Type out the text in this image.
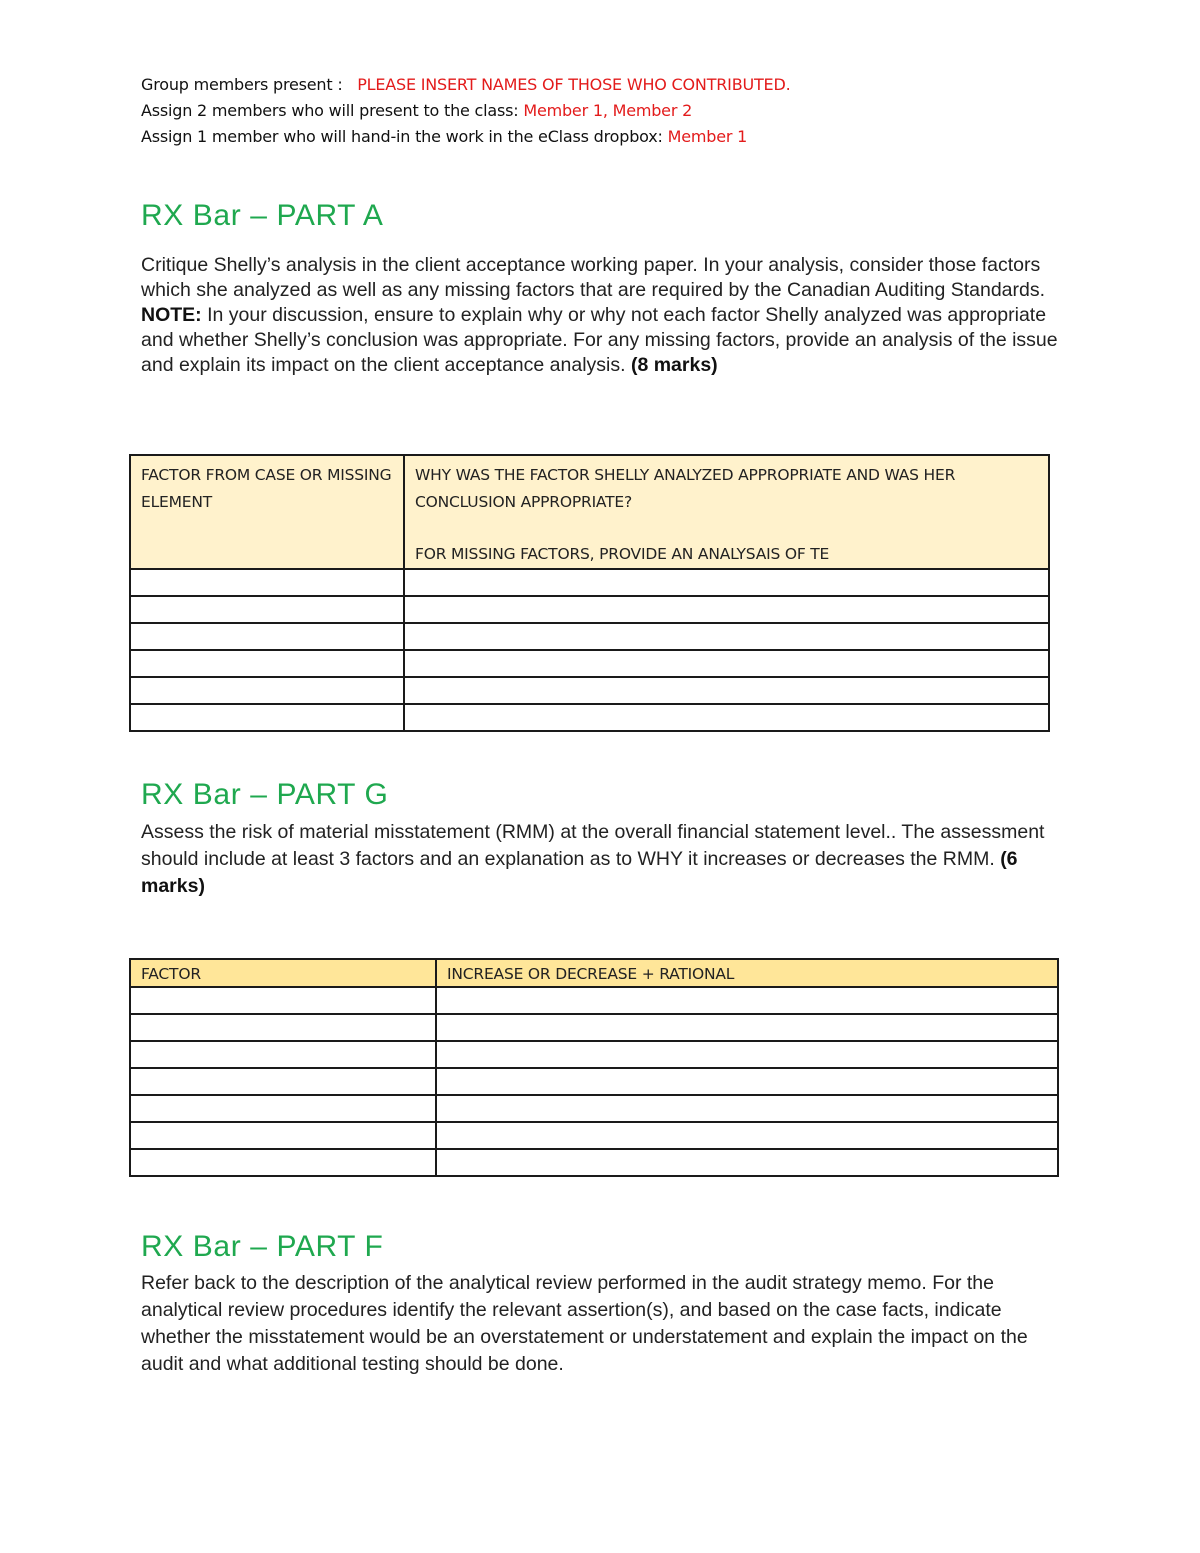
Group members present : PLEASE INSERT NAMES OF THOSE WHO CONTRIBUTED.
Assign 2 members who will present to the class: Member 1, Member 2
Assign 1 member who will hand-in the work in the eClass dropbox: Member 1
RX Bar – PART A
Critique Shelly’s analysis in the client acceptance working paper. In your analysis, consider those factors which she analyzed as well as any missing factors that are required by the Canadian Auditing Standards. NOTE: In your discussion, ensure to explain why or why not each factor Shelly analyzed was appropriate and whether Shelly’s conclusion was appropriate. For any missing factors, provide an analysis of the issue and explain its impact on the client acceptance analysis. (8 marks)
FACTOR FROM CASE OR MISSING ELEMENT	WHY WAS THE FACTOR SHELLY ANALYZED APPROPRIATE AND WAS HER CONCLUSION APPROPRIATE?
FOR MISSING FACTORS, PROVIDE AN ANALYSAIS OF TE

RX Bar – PART G
Assess the risk of material misstatement (RMM) at the overall financial statement level.. The assessment should include at least 3 factors and an explanation as to WHY it increases or decreases the RMM. (6 marks)
FACTOR	INCREASE OR DECREASE + RATIONAL

RX Bar – PART F
Refer back to the description of the analytical review performed in the audit strategy memo. For the analytical review procedures identify the relevant assertion(s), and based on the case facts, indicate whether the misstatement would be an overstatement or understatement and explain the impact on the audit and what additional testing should be done.
